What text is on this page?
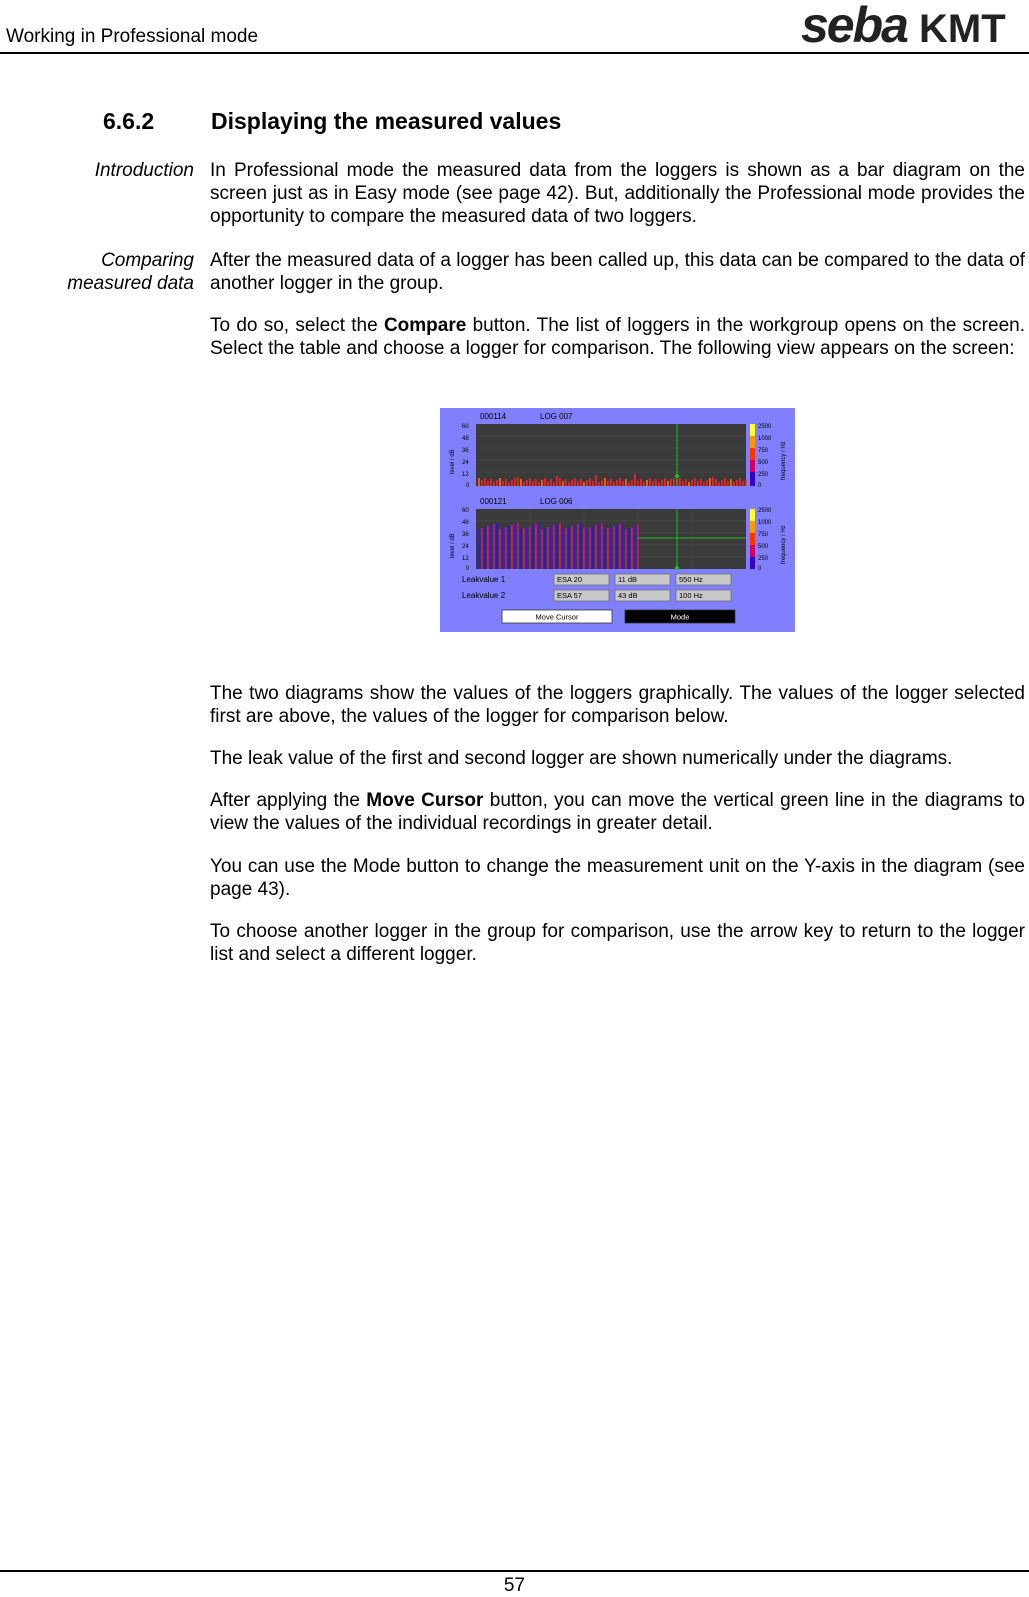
Working in Professional mode	seba KMT
6.6.2 Displaying the measured values
Introduction In Professional mode the measured data from the loggers is shown as a bar diagram on the screen just as in Easy mode (see page 42). But, additionally the Professional mode provides the opportunity to compare the measured data of two loggers.

Comparing
measured data

After the measured data of a logger has been called up, this data can be compared to the data of another logger in the group.

To do so, select the Compare button. The list of loggers in the workgroup opens on the screen. Select the table and choose a logger for comparison. The following view appears on the screen:

000114	LOG 007
60
48
36
24
12
0
level / dB
2500
1000
750
500
250
0
frequency / Hz
000121	LOG 006
60
48
36
24
12
0
level / dB
2500
1000
750
500
250
0
frequency / Hz
Leakvalue 1	ESA 20	11 dB	550 Hz
Leakvalue 2	ESA 57	43 dB	100 Hz
Move Cursor	Mode

The two diagrams show the values of the loggers graphically. The values of the logger selected first are above, the values of the logger for comparison below.

The leak value of the first and second logger are shown numerically under the diagrams.

After applying the Move Cursor button, you can move the vertical green line in the diagrams to view the values of the individual recordings in greater detail.

You can use the Mode button to change the measurement unit on the Y-axis in the diagram (see page 43).

To choose another logger in the group for comparison, use the arrow key to return to the logger list and select a different logger.

57
